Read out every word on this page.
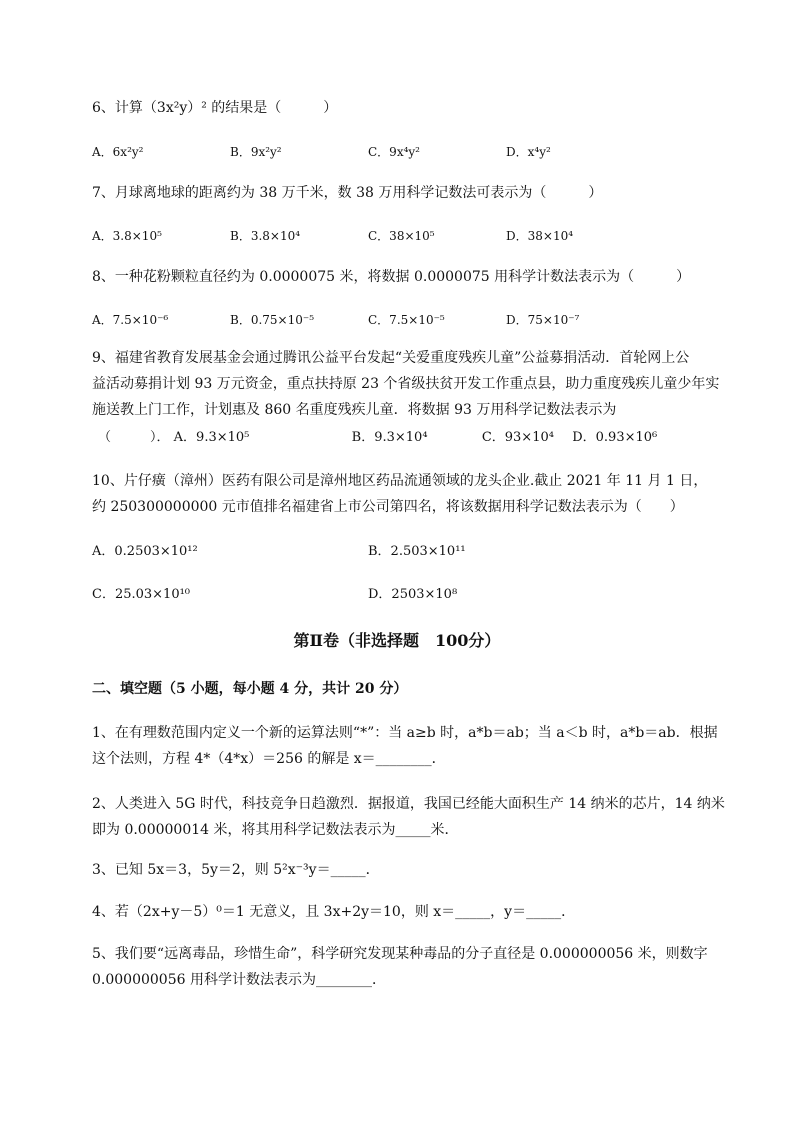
6、计算（3x²y）² 的结果是（　　　）
A．6x²y²	B．9x²y²	C．9x⁴y²	D．x⁴y²
7、月球离地球的距离约为 38 万千米，数 38 万用科学记数法可表示为（　　　）
A．3.8×10⁵	B．3.8×10⁴	C．38×10⁵	D．38×10⁴
8、一种花粉颗粒直径约为 0.0000075 米，将数据 0.0000075 用科学计数法表示为（　　　）
A．7.5×10⁻⁶	B．0.75×10⁻⁵	C．7.5×10⁻⁵	D．75×10⁻⁷
9、福建省教育发展基金会通过腾讯公益平台发起“关爱重度残疾儿童”公益募捐活动．首轮网上公
益活动募捐计划 93 万元资金，重点扶持原 23 个省级扶贫开发工作重点县，助力重度残疾儿童少年实
施送教上门工作，计划惠及 860 名重度残疾儿童．将数据 93 万用科学记数法表示为
（　　　）． A．9.3×10⁵	B．9.3×10⁴	C．93×10⁴ D．0.93×10⁶
10、片仔癀（漳州）医药有限公司是漳州地区药品流通领域的龙头企业.截止 2021 年 11 月 1 日，
约 250300000000 元市值排名福建省上市公司第四名，将该数据用科学记数法表示为（　　）
A．0.2503×10¹²	B．2.503×10¹¹
C．25.03×10¹⁰	D．2503×10⁸
第Ⅱ卷（非选择题　100分）
二、填空题（5 小题，每小题 4 分，共计 20 分）
1、在有理数范围内定义一个新的运算法则“*”：当 a≥b 时，a*b＝ab；当 a＜b 时，a*b＝ab．根据
这个法则，方程 4*（4*x）＝256 的解是 x＝________．
2、人类进入 5G 时代，科技竞争日趋激烈．据报道，我国已经能大面积生产 14 纳米的芯片，14 纳米
即为 0.00000014 米，将其用科学记数法表示为_____米．
3、已知 5x＝3，5y＝2，则 5²x⁻³y＝_____．
4、若（2x+y－5）⁰＝1 无意义，且 3x+2y＝10，则 x＝_____，y＝_____．
5、我们要“远离毒品，珍惜生命”，科学研究发现某种毒品的分子直径是 0.000000056 米，则数字
0.000000056 用科学计数法表示为________．
